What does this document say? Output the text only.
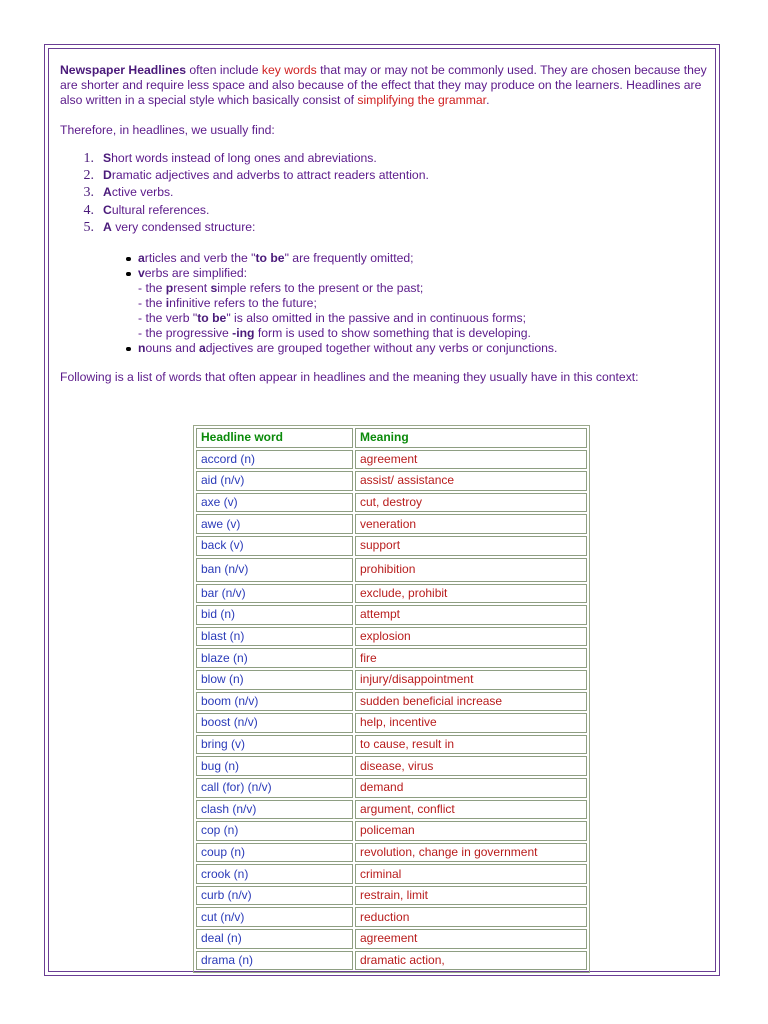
Newspaper Headlines often include key words that may or may not be commonly used. They are chosen because they are shorter and require less space and also because of the effect that they may produce on the learners. Headlines are also written in a special style which basically consist of simplifying the grammar.

Therefore, in headlines, we usually find:

1. Short words instead of long ones and abreviations.
2. Dramatic adjectives and adverbs to attract readers attention.
3. Active verbs.
4. Cultural references.
5. A very condensed structure:
articles and verb the "to be" are frequently omitted;
verbs are simplified:
- the present simple refers to the present or the past;
- the infinitive refers to the future;
- the verb "to be" is also omitted in the passive and in continuous forms;
- the progressive -ing form is used to show something that is developing.
nouns and adjectives are grouped together without any verbs or conjunctions.

Following is a list of words that often appear in headlines and the meaning they usually have in this context:

Headline word	Meaning
accord (n)	agreement
aid (n/v)	assist/ assistance
axe (v)	cut, destroy
awe (v)	veneration
back (v)	support
ban (n/v)	prohibition
bar (n/v)	exclude, prohibit
bid (n)	attempt
blast (n)	explosion
blaze (n)	fire
blow (n)	injury/disappointment
boom (n/v)	sudden beneficial increase
boost (n/v)	help, incentive
bring (v)	to cause, result in
bug (n)	disease, virus
call (for) (n/v)	demand
clash (n/v)	argument, conflict
cop (n)	policeman
coup (n)	revolution, change in government
crook (n)	criminal
curb (n/v)	restrain, limit
cut (n/v)	reduction
deal (n)	agreement
drama (n)	dramatic action,
